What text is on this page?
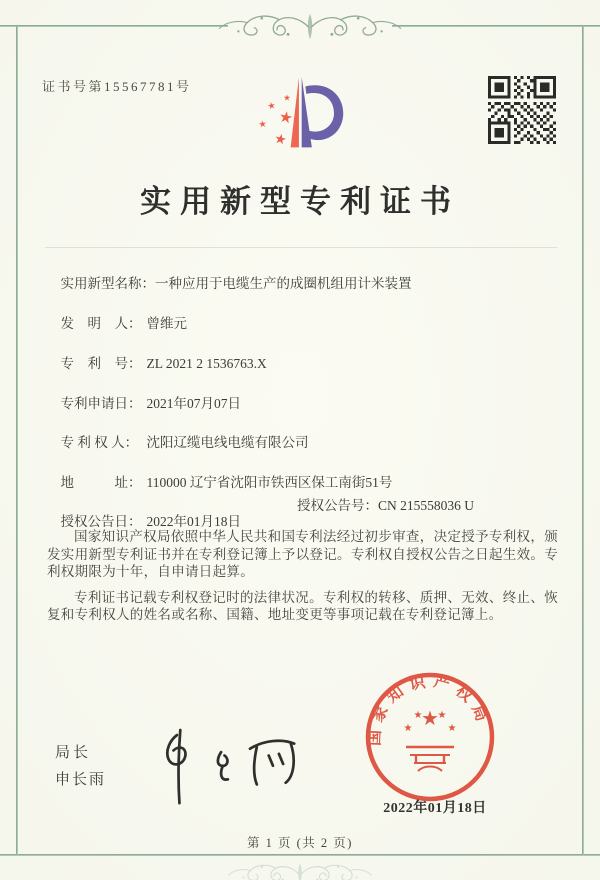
证书号第15567781号
★
★
★
★
★
实用新型专利证书

实用新型名称：一种应用于电缆生产的成圈机组用计米装置

发　明　人： 曾维元

专　利　号： ZL 2021 2 1536763.X

专利申请日： 2021年07月07日

专 利 权 人： 沈阳辽缆电线电缆有限公司

地　　　址： 110000 辽宁省沈阳市铁西区保工南街51号

授权公告日： 2022年01月18日

授权公告号：CN 215558036 U

国家知识产权局依照中华人民共和国专利法经过初步审查，决定授予专利权，颁发实用新型专利证书并在专利登记簿上予以登记。专利权自授权公告之日起生效。专利权期限为十年，自申请日起算。

专利证书记载专利权登记时的法律状况。专利权的转移、质押、无效、终止、恢复和专利权人的姓名或名称、国籍、地址变更等事项记载在专利登记簿上。

局长
申长雨
国家知识产权局
★
★
★ ★
★
2022年01月18日
第 1 页 (共 2 页)
